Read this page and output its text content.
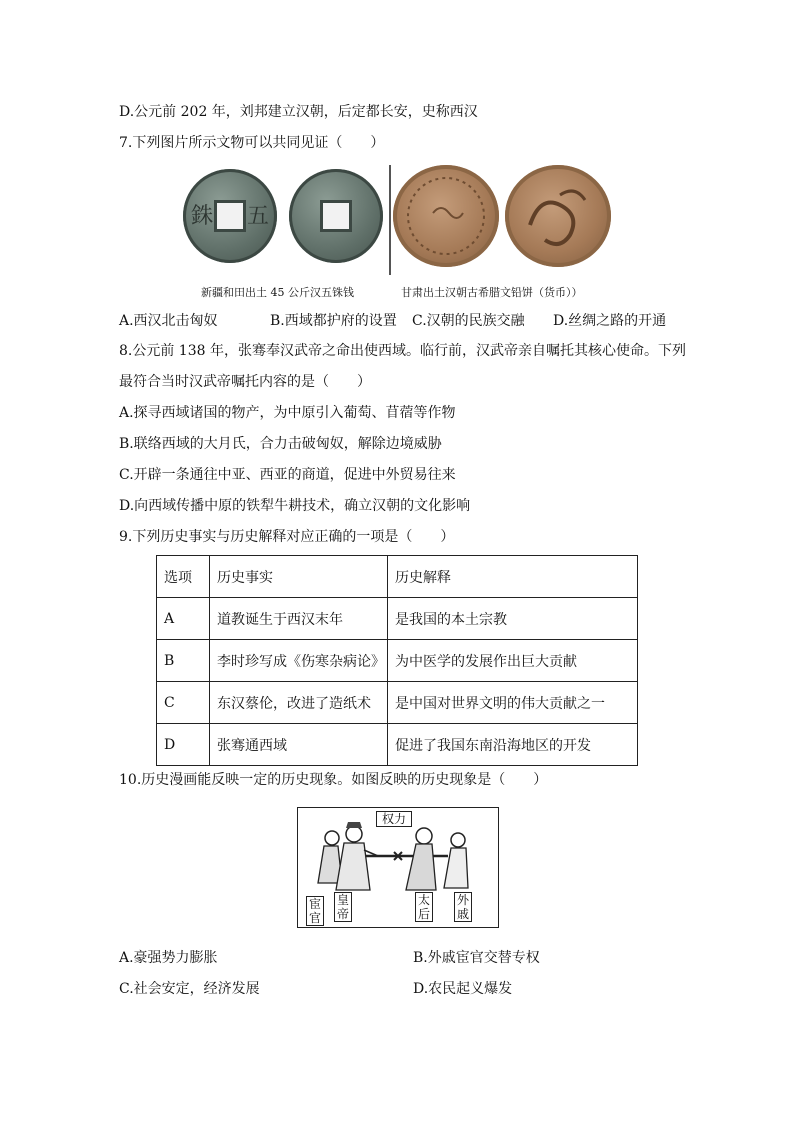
D.公元前 202 年，刘邦建立汉朝，后定都长安，史称西汉
7.下列图片所示文物可以共同见证（　　）
銖 五
新疆和田出土 45 公斤汉五铢钱	甘肃出土汉朝古希腊文铅饼（货币））
A.西汉北击匈奴	B.西域都护府的设置 C.汉朝的民族交融 D.丝绸之路的开通
8.公元前 138 年，张骞奉汉武帝之命出使西域。临行前，汉武帝亲自嘱托其核心使命。下列
最符合当时汉武帝嘱托内容的是（　　）
A.探寻西域诸国的物产，为中原引入葡萄、苜蓿等作物
B.联络西域的大月氏，合力击破匈奴，解除边境威胁
C.开辟一条通往中亚、西亚的商道，促进中外贸易往来
D.向西域传播中原的铁犁牛耕技术，确立汉朝的文化影响
9.下列历史事实与历史解释对应正确的一项是（　　）
选项	历史事实	历史解释
A	道教诞生于西汉末年	是我国的本土宗教
B	李时珍写成《伤寒杂病论》	为中医学的发展作出巨大贡献
C	东汉蔡伦，改进了造纸术	是中国对世界文明的伟大贡献之一
D	张骞通西域	促进了我国东南沿海地区的开发
10.历史漫画能反映一定的历史现象。如图反映的历史现象是（　　）
权力
宦官
皇帝
太后
外戚
A.豪强势力膨胀	B.外戚宦官交替专权
C.社会安定，经济发展	D.农民起义爆发
